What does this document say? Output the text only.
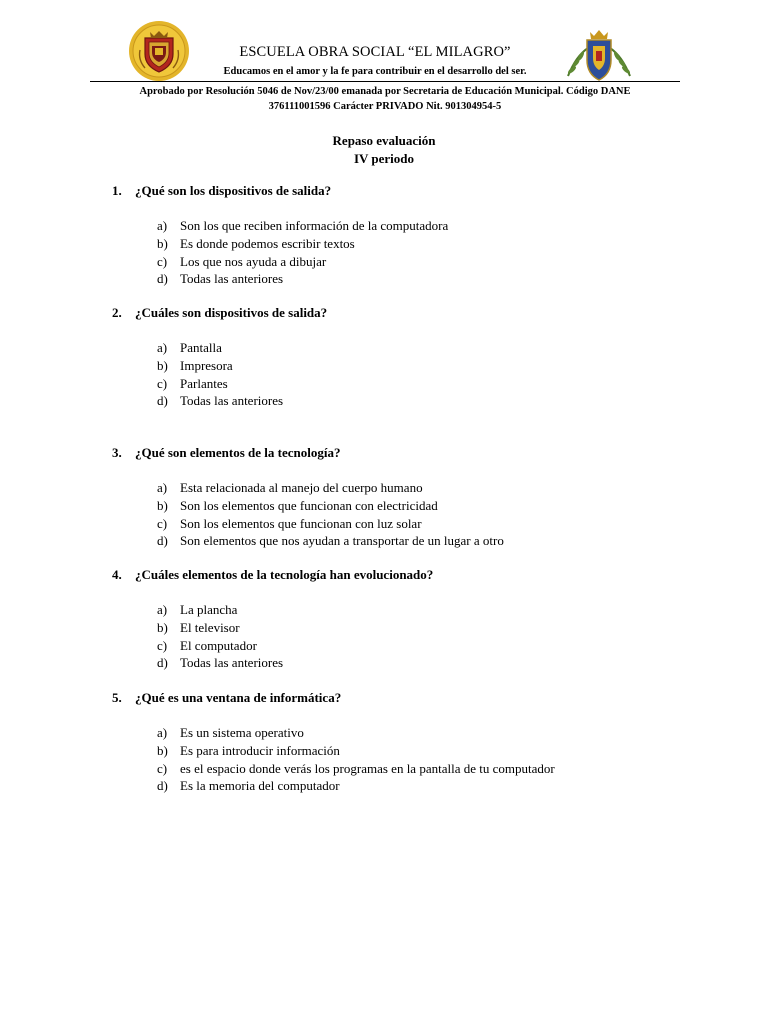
ESCUELA OBRA SOCIAL “EL MILAGRO”
Educamos en el amor y la fe para contribuir en el desarrollo del ser.
Aprobado por Resolución 5046 de Nov/23/00 emanada por Secretaria de Educación Municipal. Código DANE
376111001596 Carácter PRIVADO Nit. 901304954-5
Repaso evaluación
IV periodo
1. ¿Qué son los dispositivos de salida?
a) Son los que reciben información de la computadora
b) Es donde podemos escribir textos
c) Los que nos ayuda a dibujar
d) Todas las anteriores
2. ¿Cuáles son dispositivos de salida?
a) Pantalla
b) Impresora
c) Parlantes
d) Todas las anteriores
3. ¿Qué son elementos de la tecnología?
a) Esta relacionada al manejo del cuerpo humano
b) Son los elementos que funcionan con electricidad
c) Son los elementos que funcionan con luz solar
d) Son elementos que nos ayudan a transportar de un lugar a otro
4. ¿Cuáles elementos de la tecnología han evolucionado?
a) La plancha
b) El televisor
c) El computador
d) Todas las anteriores
5. ¿Qué es una ventana de informática?
a) Es un sistema operativo
b) Es para introducir información
c) es el espacio donde verás los programas en la pantalla de tu computador
d) Es la memoria del computador
